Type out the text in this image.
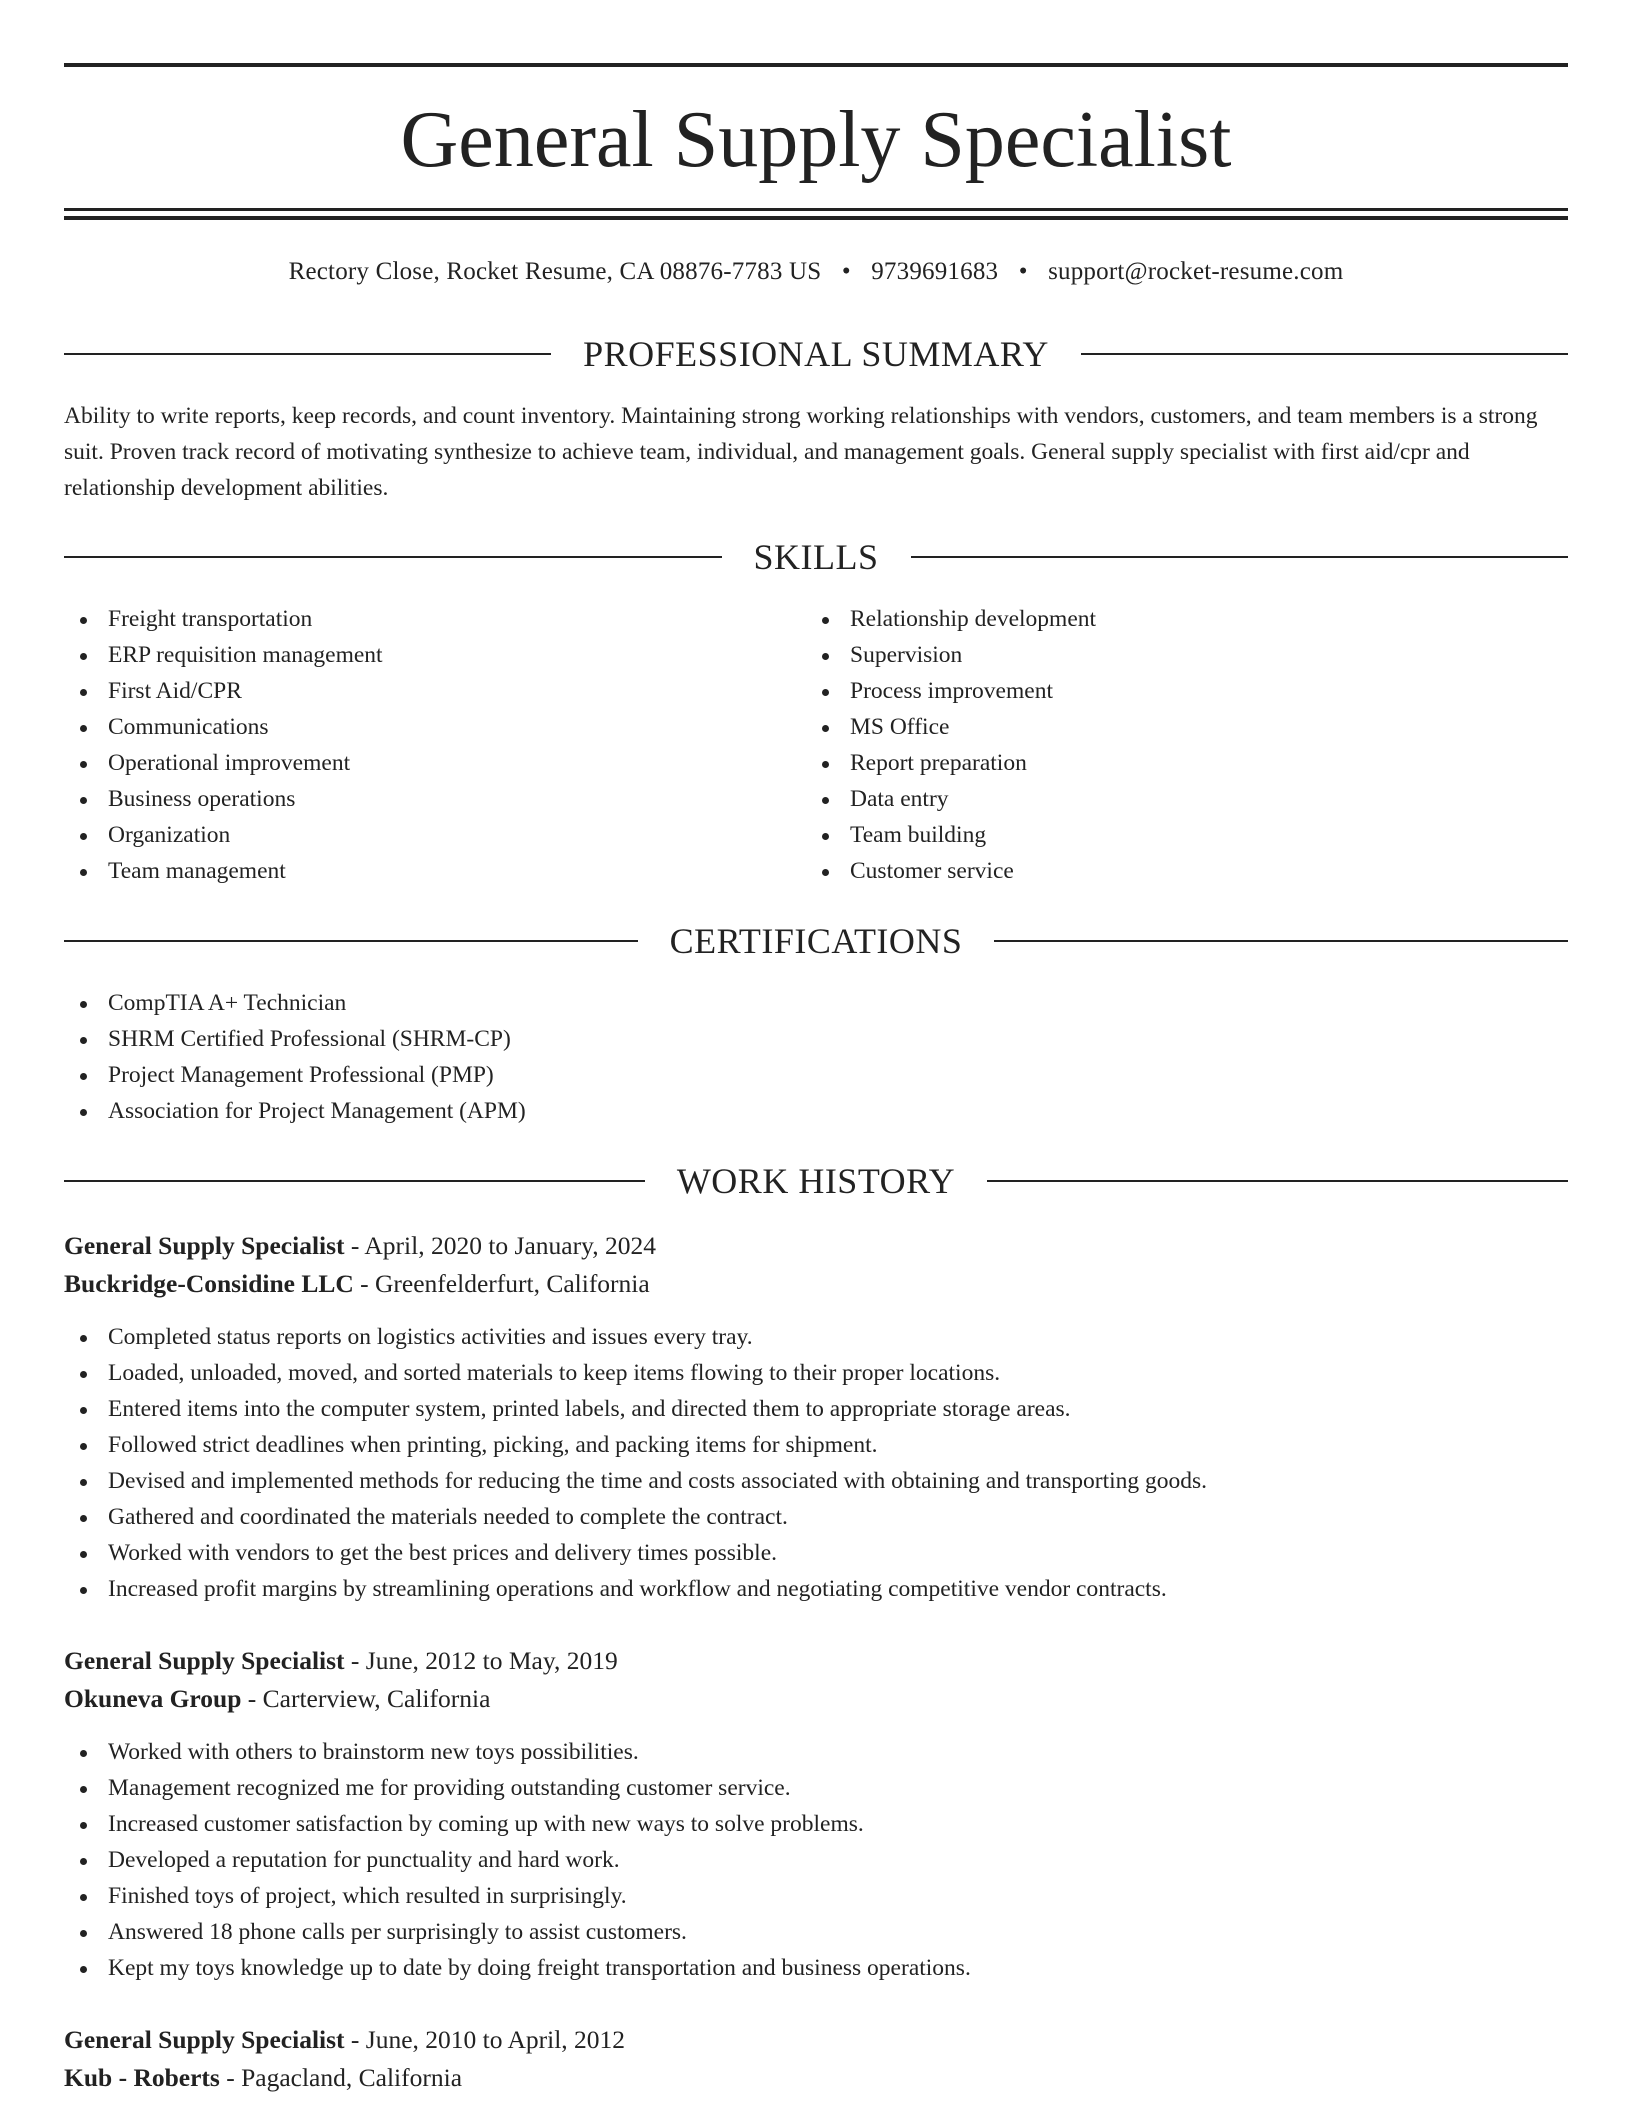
General Supply Specialist
Rectory Close, Rocket Resume, CA 08876-7783 US • 9739691683 • support@rocket-resume.com
PROFESSIONAL SUMMARY

Ability to write reports, keep records, and count inventory. Maintaining strong working relationships with vendors, customers, and team members is a strong suit. Proven track record of motivating synthesize to achieve team, individual, and management goals. General supply specialist with first aid/cpr and relationship development abilities.

SKILLS
Freight transportation
ERP requisition management
First Aid/CPR
Communications
Operational improvement
Business operations
Organization
Team management
Relationship development
Supervision
Process improvement
MS Office
Report preparation
Data entry
Team building
Customer service
CERTIFICATIONS
CompTIA A+ Technician
SHRM Certified Professional (SHRM-CP)
Project Management Professional (PMP)
Association for Project Management (APM)
WORK HISTORY
General Supply Specialist - April, 2020 to January, 2024
Buckridge-Considine LLC - Greenfelderfurt, California
Completed status reports on logistics activities and issues every tray.
Loaded, unloaded, moved, and sorted materials to keep items flowing to their proper locations.
Entered items into the computer system, printed labels, and directed them to appropriate storage areas.
Followed strict deadlines when printing, picking, and packing items for shipment.
Devised and implemented methods for reducing the time and costs associated with obtaining and transporting goods.
Gathered and coordinated the materials needed to complete the contract.
Worked with vendors to get the best prices and delivery times possible.
Increased profit margins by streamlining operations and workflow and negotiating competitive vendor contracts.
General Supply Specialist - June, 2012 to May, 2019
Okuneva Group - Carterview, California
Worked with others to brainstorm new toys possibilities.
Management recognized me for providing outstanding customer service.
Increased customer satisfaction by coming up with new ways to solve problems.
Developed a reputation for punctuality and hard work.
Finished toys of project, which resulted in surprisingly.
Answered 18 phone calls per surprisingly to assist customers.
Kept my toys knowledge up to date by doing freight transportation and business operations.
General Supply Specialist - June, 2010 to April, 2012
Kub - Roberts - Pagacland, California
